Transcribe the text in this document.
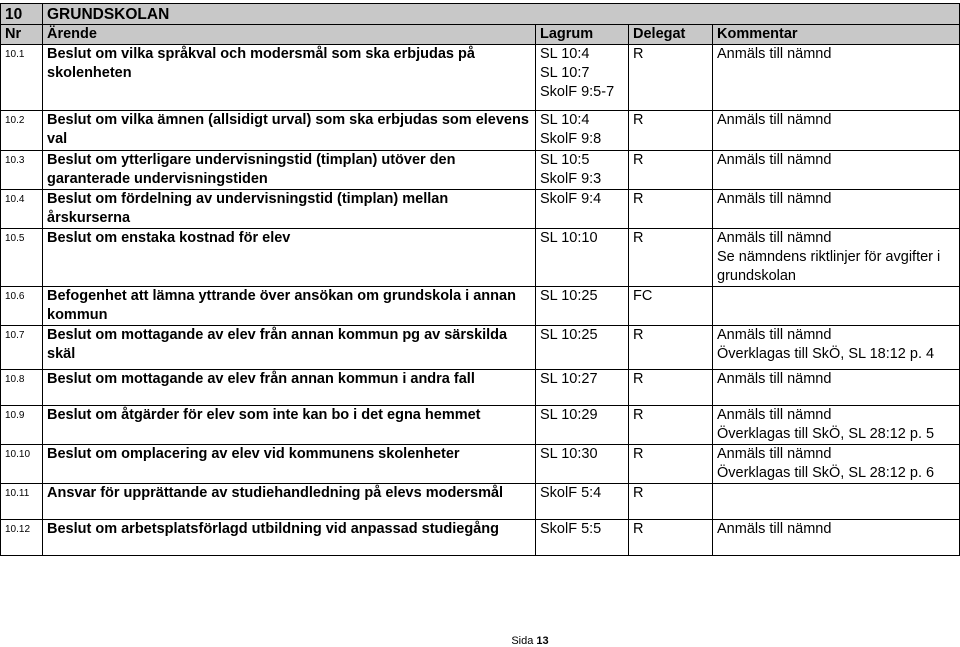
10	GRUNDSKOLAN			
Nr	Ärende	Lagrum	Delegat	Kommentar
10.1	Beslut om vilka språkval och modersmål som ska erbjudas på skolenheten	SL 10:4
SL 10:7
SkolF 9:5-7	R	Anmäls till nämnd

10.2	Beslut om vilka ämnen (allsidigt urval) som ska erbjudas som elevens val	SL 10:4
SkolF 9:8	R	Anmäls till nämnd

10.3	Beslut om ytterligare undervisningstid (timplan) utöver den garanterade undervisningstiden	SL 10:5
SkolF 9:3	R	Anmäls till nämnd

10.4	Beslut om fördelning av undervisningstid (timplan) mellan årskurserna	SkolF 9:4	R	Anmäls till nämnd

10.5	Beslut om enstaka kostnad för elev	SL 10:10	R	Anmäls till nämnd
Se nämndens riktlinjer för avgifter i grundskolan

10.6	Befogenhet att lämna yttrande över ansökan om grundskola i annan kommun	SL 10:25	FC	
10.7	Beslut om mottagande av elev från annan kommun pg av särskilda skäl	SL 10:25	R	Anmäls till nämnd
Överklagas till SkÖ, SL 18:12 p. 4

10.8	Beslut om mottagande av elev från annan kommun i andra fall	SL 10:27	R	Anmäls till nämnd

10.9	Beslut om åtgärder för elev som inte kan bo i det egna hemmet	SL 10:29	R	Anmäls till nämnd
Överklagas till SkÖ, SL 28:12 p. 5

10.10	Beslut om omplacering av elev vid kommunens skolenheter	SL 10:30	R	Anmäls till nämnd
Överklagas till SkÖ, SL 28:12 p. 6

10.11	Ansvar för upprättande av studiehandledning på elevs modersmål	SkolF 5:4	R	
10.12	Beslut om arbetsplatsförlagd utbildning vid anpassad studiegång	SkolF 5:5	R	Anmäls till nämnd
Sida 13
